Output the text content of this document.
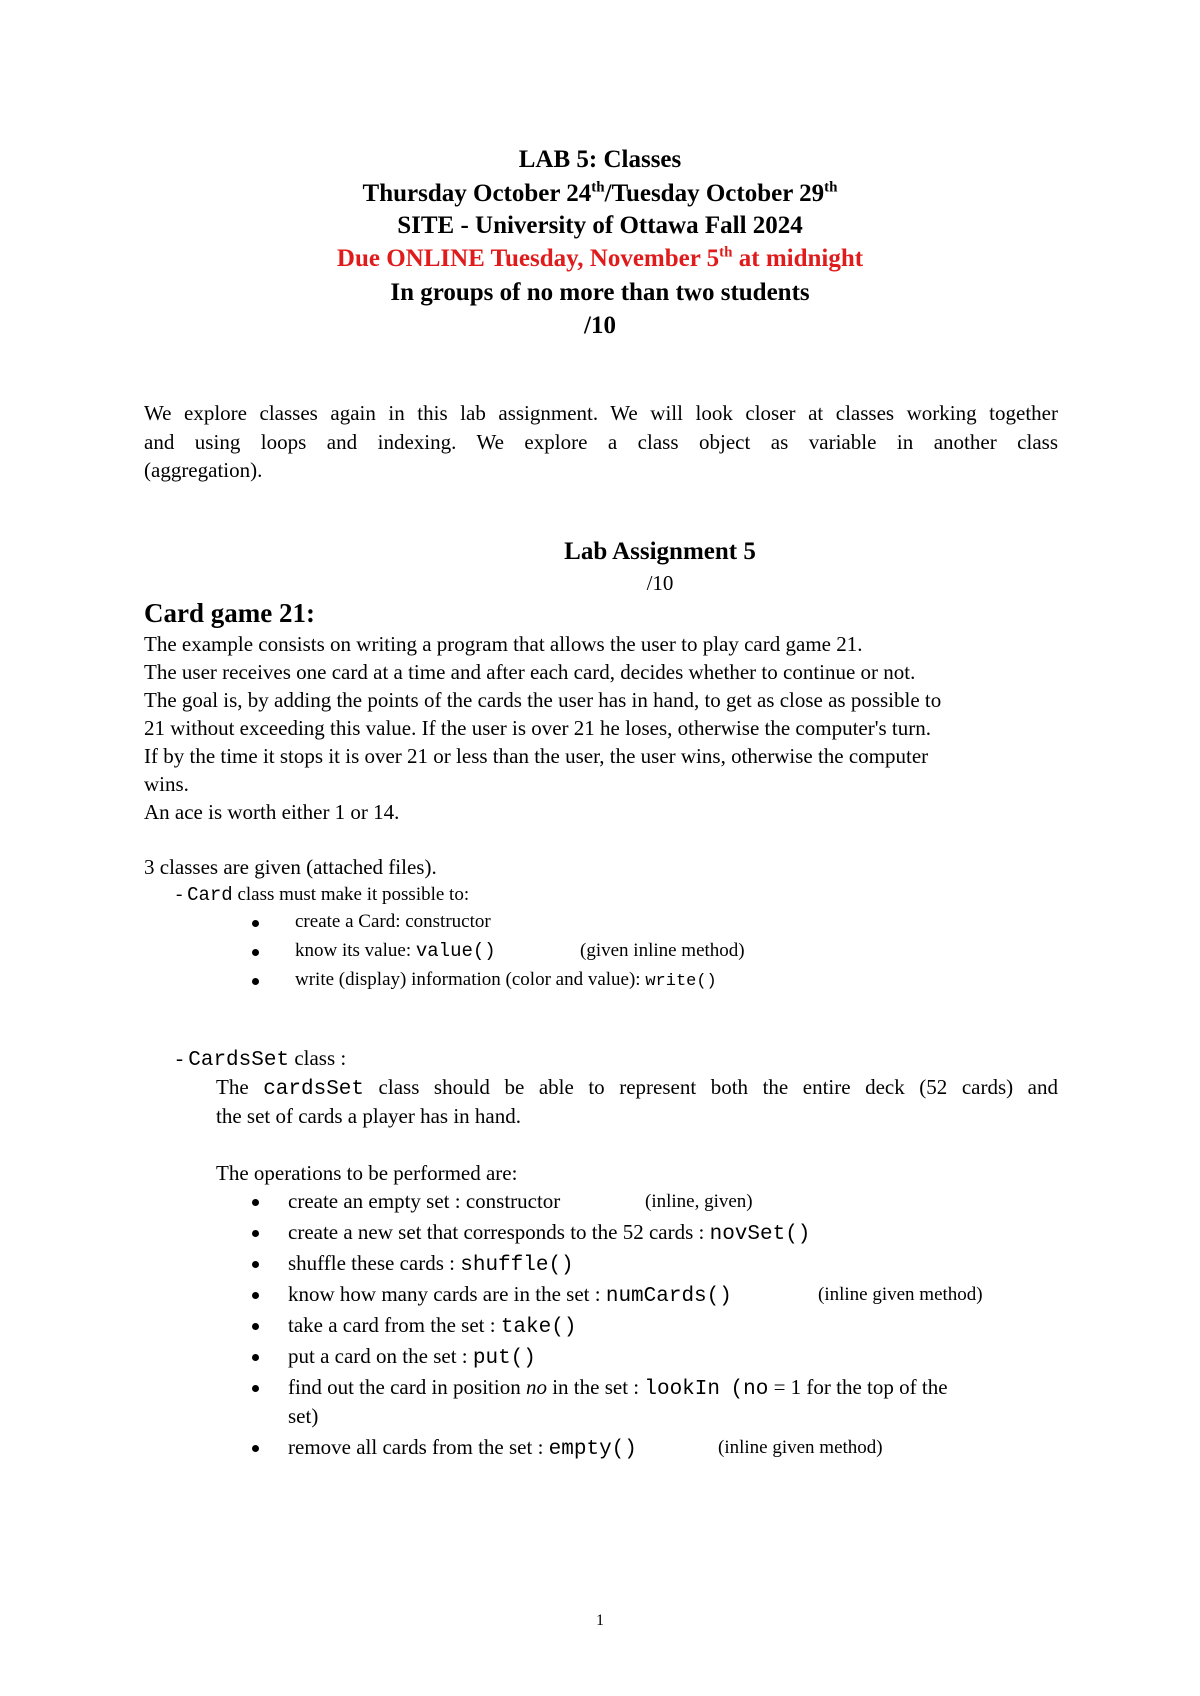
LAB 5: Classes
Thursday October 24th/Tuesday October 29th
SITE - University of Ottawa Fall 2024
Due ONLINE Tuesday, November 5th at midnight
In groups of no more than two students
/10
We explore classes again in this lab assignment. We will look closer at classes working together
and using loops and indexing. We explore a class object as variable in another class
(aggregation).
Lab Assignment 5
/10
Card game 21:
The example consists on writing a program that allows the user to play card game 21.
The user receives one card at a time and after each card, decides whether to continue or not.
The goal is, by adding the points of the cards the user has in hand, to get as close as possible to
21 without exceeding this value. If the user is over 21 he loses, otherwise the computer's turn.
If by the time it stops it is over 21 or less than the user, the user wins, otherwise the computer
wins.
An ace is worth either 1 or 14.
3 classes are given (attached files).
- Card class must make it possible to:
create a Card: constructor
know its value: value()	(given inline method)
write (display) information (color and value): write()
- CardsSet class :
The cardsSet class should be able to represent both the entire deck (52 cards) and
the set of cards a player has in hand.
The operations to be performed are:
create an empty set : constructor	(inline, given)
create a new set that corresponds to the 52 cards : novSet()
shuffle these cards : shuffle()
know how many cards are in the set : numCards()	(inline given method)
take a card from the set : take()
put a card on the set : put()
find out the card in position no in the set : lookIn (no = 1 for the top of the
set)
remove all cards from the set : empty()	(inline given method)
1
